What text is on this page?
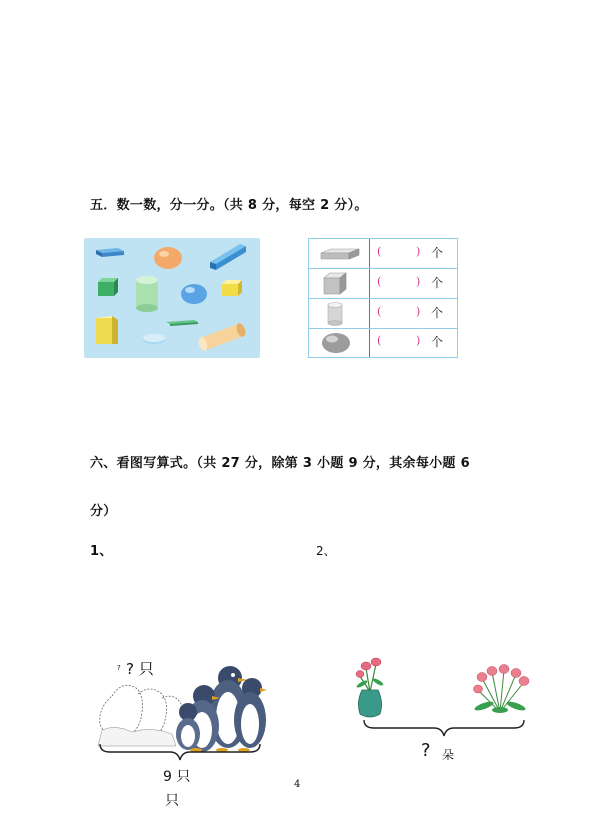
五．数一数，分一分。（共 8 分，每空 2 分）。
(	) 个
(	) 个
(	) 个
(	) 个
六、看图写算式。（共 27 分，除第 3 小题 9 分，其余每小题 6
分）
1、	2、
? ? 只
9 只
只
? 朵
4
